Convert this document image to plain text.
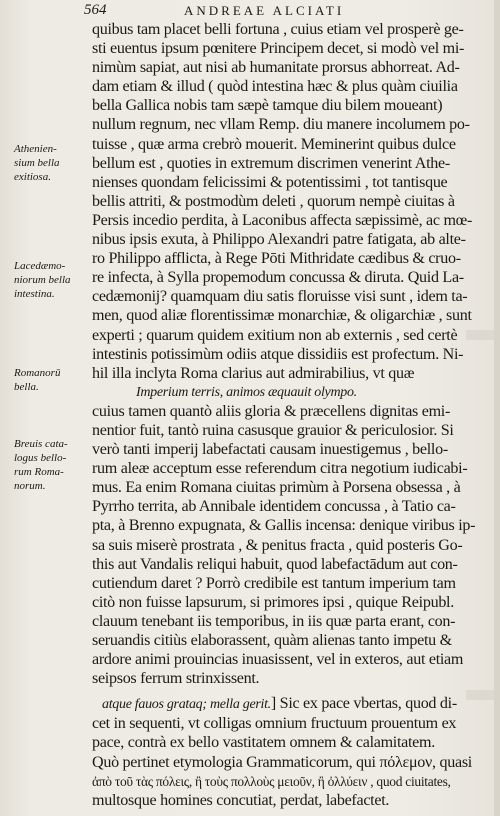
564	ANDREAE ALCIATI
Athenien-
sium bella
exitiosa.
Lacedæmo-
niorum bella
intestina.
Romanorū
bella.
Breuis cata-
logus bello-
rum Roma-
norum.
quibus tam placet belli fortuna , cuius etiam vel prosperè ge-
sti euentus ipsum pœnitere Principem decet, si modò vel mi-
nimùm sapiat, aut nisi ab humanitate prorsus abhorreat. Ad-
dam etiam & illud ( quòd intestina hæc & plus quàm ciuilia
bella Gallica nobis tam sæpè tamque diu bilem moueant)
nullum regnum, nec vllam Remp. diu manere incolumem po-
tuisse , quæ arma crebrò mouerit. Meminerint quibus dulce
bellum est , quoties in extremum discrimen venerint Athe-
nienses quondam felicissimi & potentissimi , tot tantisque
bellis attriti, & postmodùm deleti , quorum nempè ciuitas à
Persis incedio perdita, à Laconibus affecta sæpissimè, ac mœ-
nibus ipsis exuta, à Philippo Alexandri patre fatigata, ab alte-
ro Philippo afflicta, à Rege Pōti Mithridate cædibus & cruo-
re infecta, à Sylla propemodum concussa & diruta. Quid La-
cedæmonij? quamquam diu satis floruisse visi sunt , idem ta-
men, quod aliæ florentissimæ monarchiæ, & oligarchiæ , sunt
experti ; quarum quidem exitium non ab externis , sed certè
intestinis potissimùm odiis atque dissidiis est profectum. Ni-
hil illa inclyta Roma clarius aut admirabilius, vt quæ
Imperium terris, animos æquauit olympo.
cuius tamen quantò aliis gloria & præcellens dignitas emi-
nentior fuit, tantò ruina casusque grauior & periculosior. Si
verò tanti imperij labefactati causam inuestigemus , bello-
rum aleæ acceptum esse referendum citra negotium iudicabi-
mus. Ea enim Romana ciuitas primùm à Porsena obsessa , à
Pyrrho territa, ab Annibale identidem concussa , à Tatio ca-
pta, à Brenno expugnata, & Gallis incensa: denique viribus ip-
sa suis miserè prostrata , & penitus fracta , quid posteris Go-
this aut Vandalis reliqui habuit, quod labefactādum aut con-
cutiendum daret ? Porrò credibile est tantum imperium tam
citò non fuisse lapsurum, si primores ipsi , quique Reipubl.
clauum tenebant iis temporibus, in iis quæ parta erant, con-
seruandis citiùs elaborassent, quàm alienas tanto impetu &
ardore animi prouincias inuasissent, vel in exteros, aut etiam
seipsos ferrum strinxissent.
atque fauos grataq; mella gerit.] Sic ex pace vbertas, quod di-
cet in sequenti, vt colligas omnium fructuum prouentum ex
pace, contrà ex bello vastitatem omnem & calamitatem.
Quò pertinet etymologia Grammaticorum, qui πόλεμον, quasi
ἀπὸ τοῦ τὰς πόλεις, ἢ τοὺς πολλοὺς μειοῦν, ἢ ὀλλύειν , quod ciuitates,
multosque homines concutiat, perdat, labefactet.
